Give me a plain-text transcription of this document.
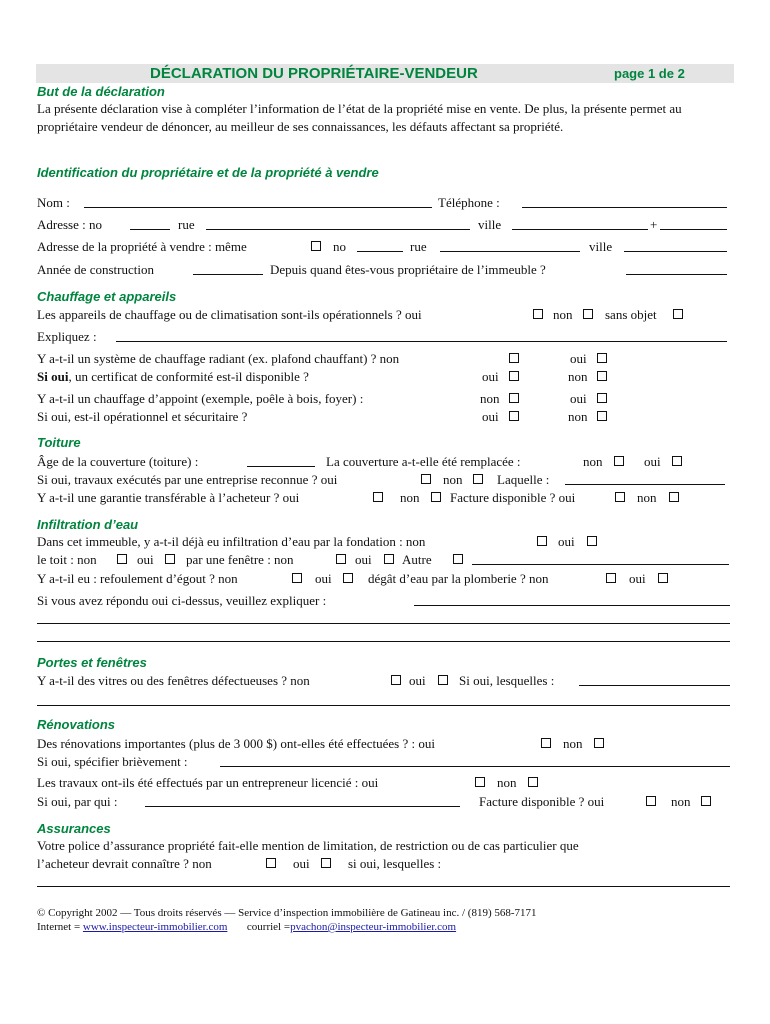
DÉCLARATION DU PROPRIÉTAIRE-VENDEUR	page 1 de 2
But de la déclaration
La présente déclaration vise à compléter l’information de l’état de la propriété mise en vente. De plus, la présente permet au propriétaire vendeur de dénoncer, au meilleur de ses connaissances, les défauts affectant sa propriété.
Identification du propriétaire et de la propriété à vendre
Nom :	Téléphone :
Adresse : no	rue	ville	+
Adresse de la propriété à vendre : même	no	rue	ville
Année de construction	Depuis quand êtes-vous propriétaire de l’immeuble ?
Chauffage et appareils
Les appareils de chauffage ou de climatisation sont-ils opérationnels ? oui	non	sans objet
Expliquez :
Y a-t-il un système de chauffage radiant (ex. plafond chauffant) ? non	oui
Si oui, un certificat de conformité est-il disponible ?	oui	non
Y a-t-il un chauffage d’appoint (exemple, poêle à bois, foyer) :	non	oui
Si oui, est-il opérationnel et sécuritaire ?	oui	non
Toiture
Âge de la couverture (toiture) :	La couverture a-t-elle été remplacée :	non	oui
Si oui, travaux exécutés par une entreprise reconnue ? oui	non	Laquelle :
Y a-t-il une garantie transférable à l’acheteur ? oui	non Facture disponible ? oui	non
Infiltration d’eau
Dans cet immeuble, y a-t-il déjà eu infiltration d’eau par la fondation : non	oui
le toit : non	oui par une fenêtre : non	oui Autre
Y a-t-il eu : refoulement d’égout ? non	oui	dégât d’eau par la plomberie ? non	oui
Si vous avez répondu oui ci-dessus, veuillez expliquer :
Portes et fenêtres
Y a-t-il des vitres ou des fenêtres défectueuses ? non	oui	Si oui, lesquelles :
Rénovations
Des rénovations importantes (plus de 3 000 $) ont-elles été effectuées ? : oui	non
Si oui, spécifier brièvement :
Les travaux ont-ils été effectués par un entrepreneur licencié : oui	non
Si oui, par qui :	Facture disponible ? oui	non
Assurances
Votre police d’assurance propriété fait-elle mention de limitation, de restriction ou de cas particulier que
l’acheteur devrait connaître ? non	oui	si oui, lesquelles :
© Copyright 2002 — Tous droits réservés — Service d’inspection immobilière de Gatineau inc. / (819) 568-7171
Internet = www.inspecteur-immobilier.com courriel =pvachon@inspecteur-immobilier.com
